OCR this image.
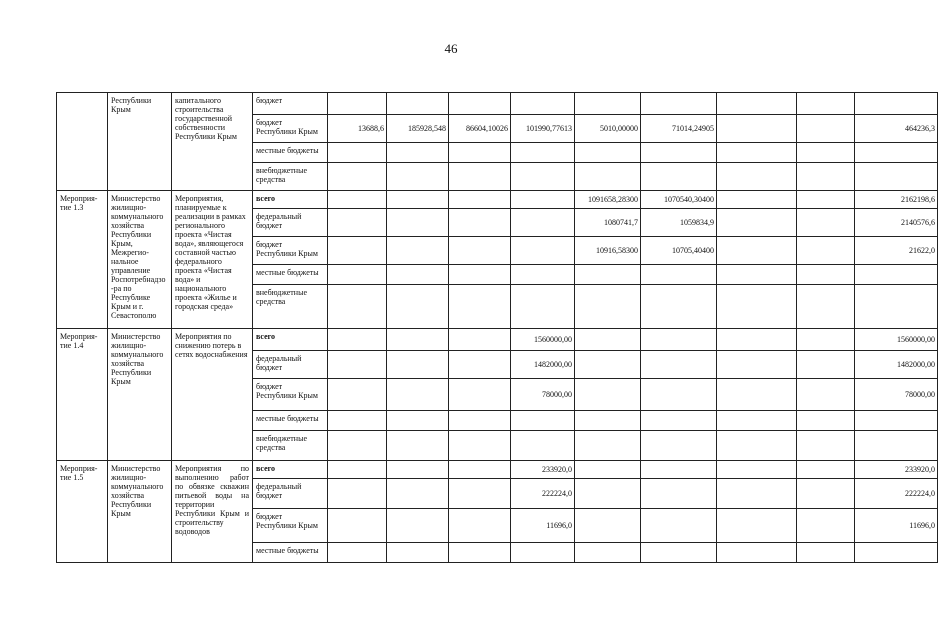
46
	Республики Крым	капитального строительства государственной собственности Республики Крым	бюджет									
			бюджет Республики Крым	13688,6	185928,548	86604,10026	101990,77613	5010,00000	71014,24905			464236,3
			местные бюджеты									
			внебюджетные средства									
Мероприя-тие 1.3	Министерство жилищно-коммунального хозяйства Республики Крым, Межрегио-нальное управление Роспотребнадзо-ра по Республике Крым и г. Севастополю	Мероприятия, планируемые к реализации в рамках регионального проекта «Чистая вода», являющегося составной частью федерального проекта «Чистая вода» и национального проекта «Жилье и городская среда»	всего					1091658,28300	1070540,30400			2162198,6
			федеральный бюджет					1080741,7	1059834,9			2140576,6
			бюджет Республики Крым					10916,58300	10705,40400			21622,0
			местные бюджеты									
			внебюджетные средства									
Мероприя-тие 1.4	Министерство жилищно-коммунального хозяйства Республики Крым	Мероприятия по снижению потерь в сетях водоснабжения	всего				1560000,00					1560000,00
			федеральный бюджет				1482000,00					1482000,00
			бюджет Республики Крым				78000,00					78000,00
			местные бюджеты									
			внебюджетные средства									
Мероприя-тие 1.5	Министерство жилищно-коммунального хозяйства Республики Крым	Мероприятия по выполнению работ по обвязке скважин питьевой воды на территории Республики Крым и строительству водоводов	всего				233920,0					233920,0
			федеральный бюджет				222224,0					222224,0
			бюджет Республики Крым				11696,0					11696,0
			местные бюджеты									
